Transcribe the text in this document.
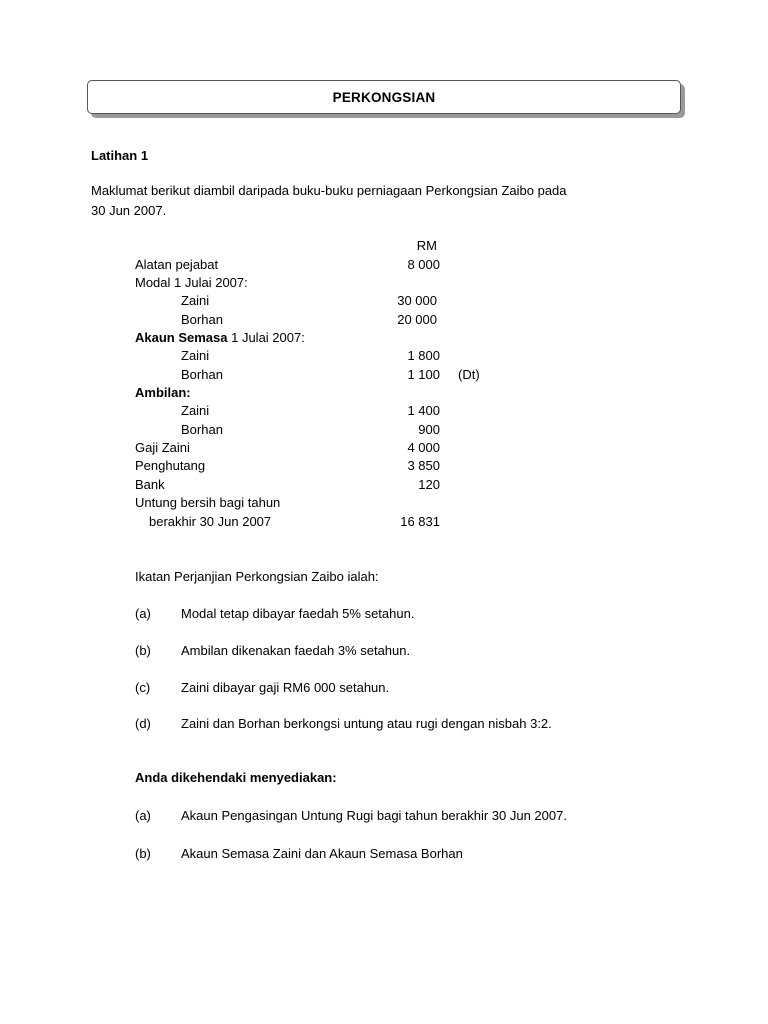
PERKONGSIAN
Latihan 1
Maklumat berikut diambil daripada buku-buku perniagaan Perkongsian Zaibo pada
30 Jun 2007.
RM
Alatan pejabat	8 000
Modal 1 Julai 2007:
Zaini	30 000
Borhan	20 000
Akaun Semasa 1 Julai 2007:
Zaini	1 800
Borhan	1 100 (Dt)
Ambilan:
Zaini	1 400
Borhan	900
Gaji Zaini	4 000
Penghutang	3 850
Bank	120
Untung bersih bagi tahun
berakhir 30 Jun 2007	16 831
Ikatan Perjanjian Perkongsian Zaibo ialah:
(a) Modal tetap dibayar faedah 5% setahun.
(b) Ambilan dikenakan faedah 3% setahun.
(c) Zaini dibayar gaji RM6 000 setahun.
(d) Zaini dan Borhan berkongsi untung atau rugi dengan nisbah 3:2.
Anda dikehendaki menyediakan:
(a) Akaun Pengasingan Untung Rugi bagi tahun berakhir 30 Jun 2007.
(b) Akaun Semasa Zaini dan Akaun Semasa Borhan
